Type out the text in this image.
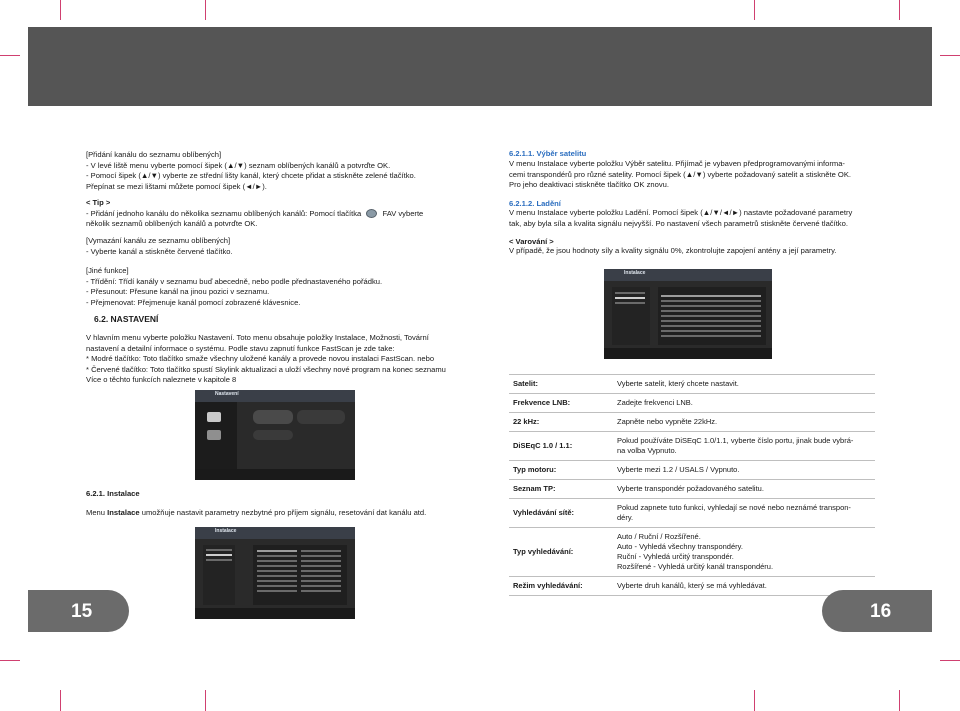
[Přidání kanálu do seznamu oblíbených]

- V levé liště menu vyberte pomocí šipek (▲/▼) seznam oblíbených kanálů a potvrďte OK.

- Pomocí šipek (▲/▼) vyberte ze střední lišty kanál, který chcete přidat a stiskněte zelené tlačítko.

Přepínat se mezi lištami můžete pomocí šipek (◄/►).

< Tip >

- Přidání jednoho kanálu do několika seznamu oblíbených kanálů: Pomocí tlačítka	FAV vyberte

několik seznamů oblíbených kanálů a potvrďte OK.

[Vymazání kanálu ze seznamu oblíbených]

- Vyberte kanál a stiskněte červené tlačítko.

[Jiné funkce]

- Třídění: Třídí kanály v seznamu buď abecedně, nebo podle přednastaveného pořádku.

- Přesunout: Přesune kanál na jinou pozici v seznamu.

- Přejmenovat: Přejmenuje kanál pomocí zobrazené klávesnice.

6.2. NASTAVENÍ

V hlavním menu vyberte položku Nastavení. Toto menu obsahuje položky Instalace, Možnosti, Tovární

nastavení a detailní informace o systému. Podle stavu zapnutí funkce FastScan je zde take:

* Modré tlačítko: Toto tlačítko smaže všechny uložené kanály a provede novou instalaci FastScan. nebo

* Červené tlačítko: Toto tlačítko spustí Skylink aktualizaci a uloží všechny nové program na konec seznamu

Více o těchto funkcích naleznete v kapitole 8

Nastavení
6.2.1. Instalace

Menu Instalace umožňuje nastavit parametry nezbytné pro příjem signálu, resetování dat kanálu atd.

Instalace
15
6.2.1.1. Výběr satelitu

V menu Instalace vyberte položku Výběr satelitu. Přijímač je vybaven předprogramovanými informa-

cemi transpondérů pro různé satelity. Pomocí šipek (▲/▼) vyberte požadovaný satelit a stiskněte OK.

Pro jeho deaktivaci stiskněte tlačítko OK znovu.

6.2.1.2. Ladění

V menu Instalace vyberte položku Ladění. Pomocí šipek (▲/▼/◄/►) nastavte požadované parametry

tak, aby byla síla a kvalita signálu nejvyšší. Po nastavení všech parametrů stiskněte červené tlačítko.

< Varování >

V případě, že jsou hodnoty síly a kvality signálu 0%, zkontrolujte zapojení antény a její parametry.

Instalace
Satelit:	Vyberte satelit, který chcete nastavit.
Frekvence LNB:	Zadejte frekvenci LNB.
22 kHz:	Zapněte nebo vypněte 22kHz.
DiSEqC 1.0 / 1.1:	Pokud používáte DiSEqC 1.0/1.1, vyberte číslo portu, jinak bude vybrá-
na volba Vypnuto.
Typ motoru:	Vyberte mezi 1.2 / USALS / Vypnuto.
Seznam TP:	Vyberte transpondér požadovaného satelitu.
Vyhledávání sítě:	Pokud zapnete tuto funkci, vyhledají se nové nebo neznámé transpon-
déry.
Typ vyhledávání:	Auto / Ruční / Rozšířené.
Auto - Vyhledá všechny transpondéry.
Ruční - Vyhledá určitý transpondér.
Rozšířené - Vyhledá určitý kanál transpondéru.
Režim vyhledávání:	Vyberte druh kanálů, který se má vyhledávat.
16
